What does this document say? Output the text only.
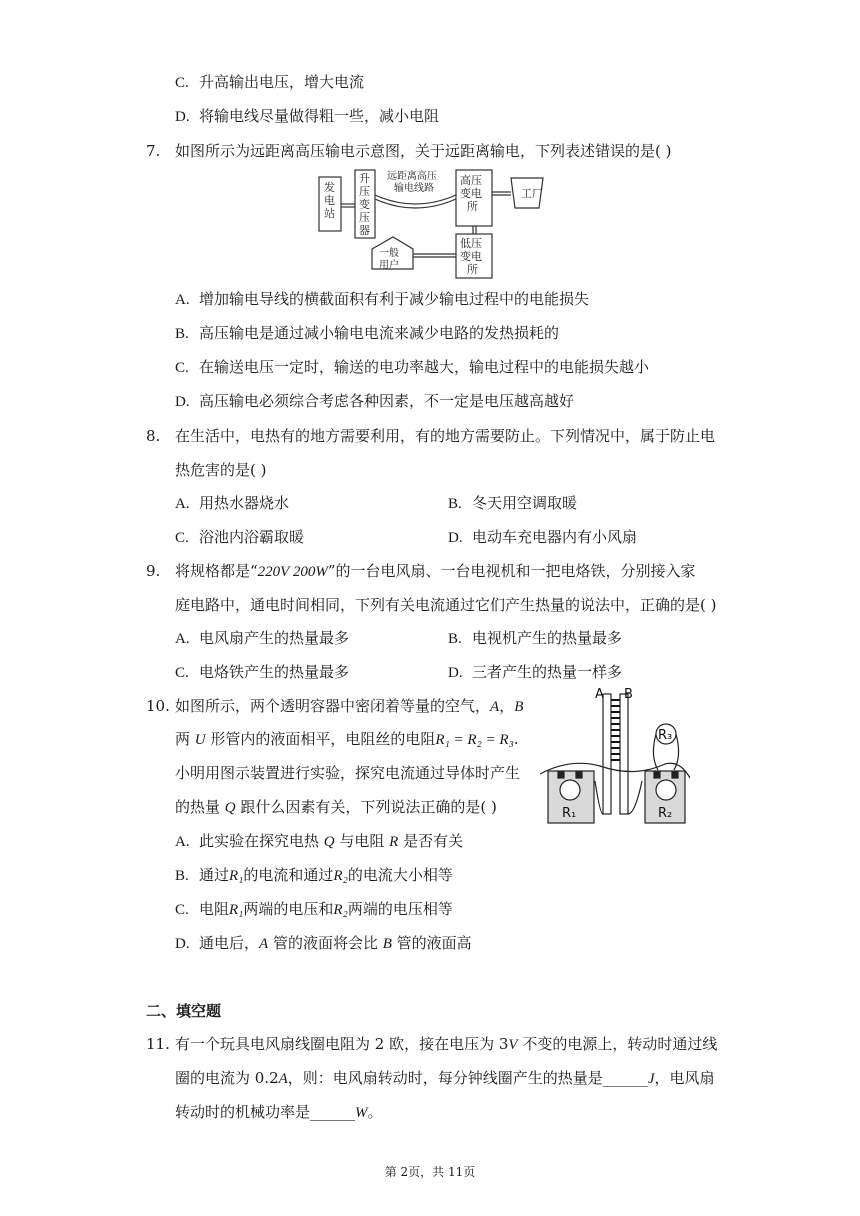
C. 升高输出电压，增大电流
D. 将输电线尽量做得粗一些，减小电阻
7. 如图所示为远距离高压输电示意图，关于远距离输电，下列表述错误的是( )
发电站
升压变压器
远距离高压
输电线路
高压变电所
工厂
一般用户
低压变电所
A. 增加输电导线的横截面积有利于减少输电过程中的电能损失
B. 高压输电是通过减小输电电流来减少电路的发热损耗的
C. 在输送电压一定时，输送的电功率越大，输电过程中的电能损失越小
D. 高压输电必须综合考虑各种因素，不一定是电压越高越好
8. 在生活中，电热有的地方需要利用，有的地方需要防止。下列情况中，属于防止电
热危害的是( )
A. 用热水器烧水	B. 冬天用空调取暖
C. 浴池内浴霸取暖	D. 电动车充电器内有小风扇
9. 将规格都是“220V 200W”的一台电风扇、一台电视机和一把电烙铁，分别接入家
庭电路中，通电时间相同，下列有关电流通过它们产生热量的说法中，正确的是( )
A. 电风扇产生的热量最多	B. 电视机产生的热量最多
C. 电烙铁产生的热量最多	D. 三者产生的热量一样多
10. 如图所示，两个透明容器中密闭着等量的空气，A，B
两 U 形管内的液面相平，电阻丝的电阻R₁ = R₂ = R₃.
小明用图示装置进行实验，探究电流通过导体时产生
的热量 Q 跟什么因素有关，下列说法正确的是( )
A B
R₁	R₂
R₃
A. 此实验在探究电热 Q 与电阻 R 是否有关
B. 通过R₁的电流和通过R₂的电流大小相等
C. 电阻R₁两端的电压和R₂两端的电压相等
D. 通电后，A 管的液面将会比 B 管的液面高
二、填空题
11. 有一个玩具电风扇线圈电阻为 2 欧，接在电压为 3V 不变的电源上，转动时通过线
圈的电流为 0.2A，则：电风扇转动时，每分钟线圈产生的热量是______J，电风扇
转动时的机械功率是______W。
第 2页，共 11页
